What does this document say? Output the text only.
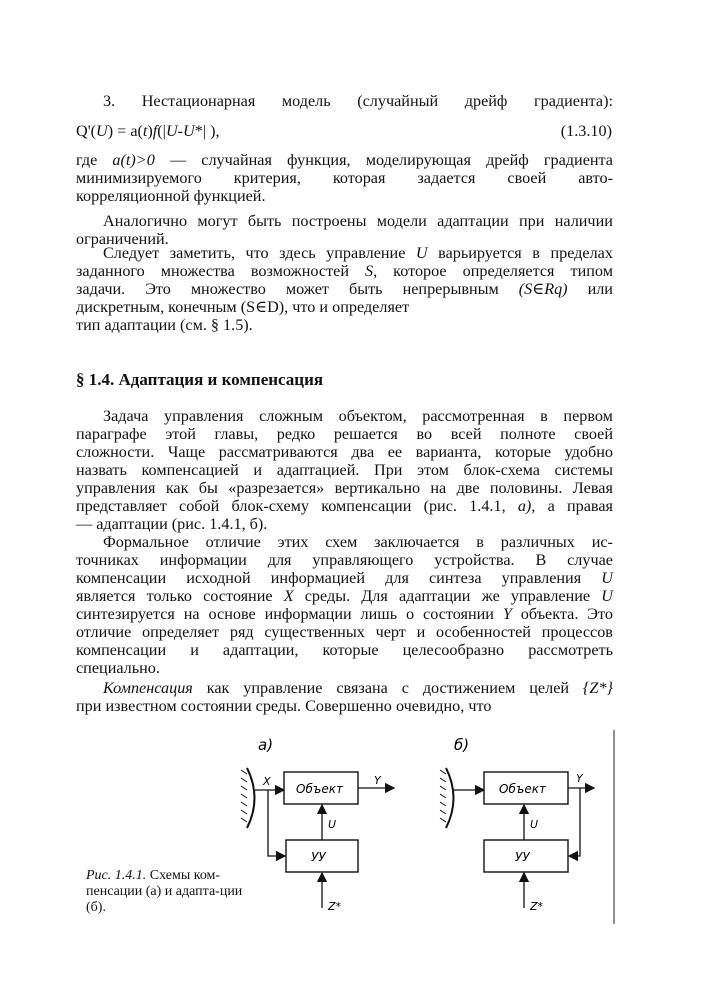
3. Нестационарная модель (случайный дрейф градиента):
Q'(U) = a(t)f(|U-U*| ),	(1.3.10)
где a(t)>0 — случайная функция, моделирующая дрейф градиента
минимизируемого критерия, которая задается своей авто-
корреляционной функцией.
Аналогично могут быть построены модели адаптации при наличии
ограничений.
Следует заметить, что здесь управление U варьируется в пределах
заданного множества возможностей S, которое определяется типом
задачи. Это множество может быть непрерывным (S∈Rq) или
дискретным, конечным (S∈D), что и определяет
тип адаптации (см. § 1.5).
§ 1.4. Адаптация и компенсация
Задача управления сложным объектом, рассмотренная в первом
параграфе этой главы, редко решается во всей полноте своей
сложности. Чаще рассматриваются два ее варианта, которые удобно
назвать компенсацией и адаптацией. При этом блок-схема системы
управления как бы «разрезается» вертикально на две половины. Левая
представляет собой блок-схему компенсации (рис. 1.4.1, а), а правая
— адаптации (рис. 1.4.1, б).
Формальное отличие этих схем заключается в различных ис-
точниках информации для управляющего устройства. В случае
компенсации исходной информацией для синтеза управления U
является только состояние X среды. Для адаптации же управление U
синтезируется на основе информации лишь о состоянии Y объекта. Это
отличие определяет ряд существенных черт и особенностей процессов
компенсации и адаптации, которые целесообразно рассмотреть
специально.
Компенсация как управление связана с достижением целей {Z*}
при известном состоянии среды. Совершенно очевидно, что
а)
X
Объект
Y
УУ
U
Z*
б)
Объект
Y
УУ
U
Z*
Рис. 1.4.1. Схемы ком-пенсации (а) и адапта-ции (б).
